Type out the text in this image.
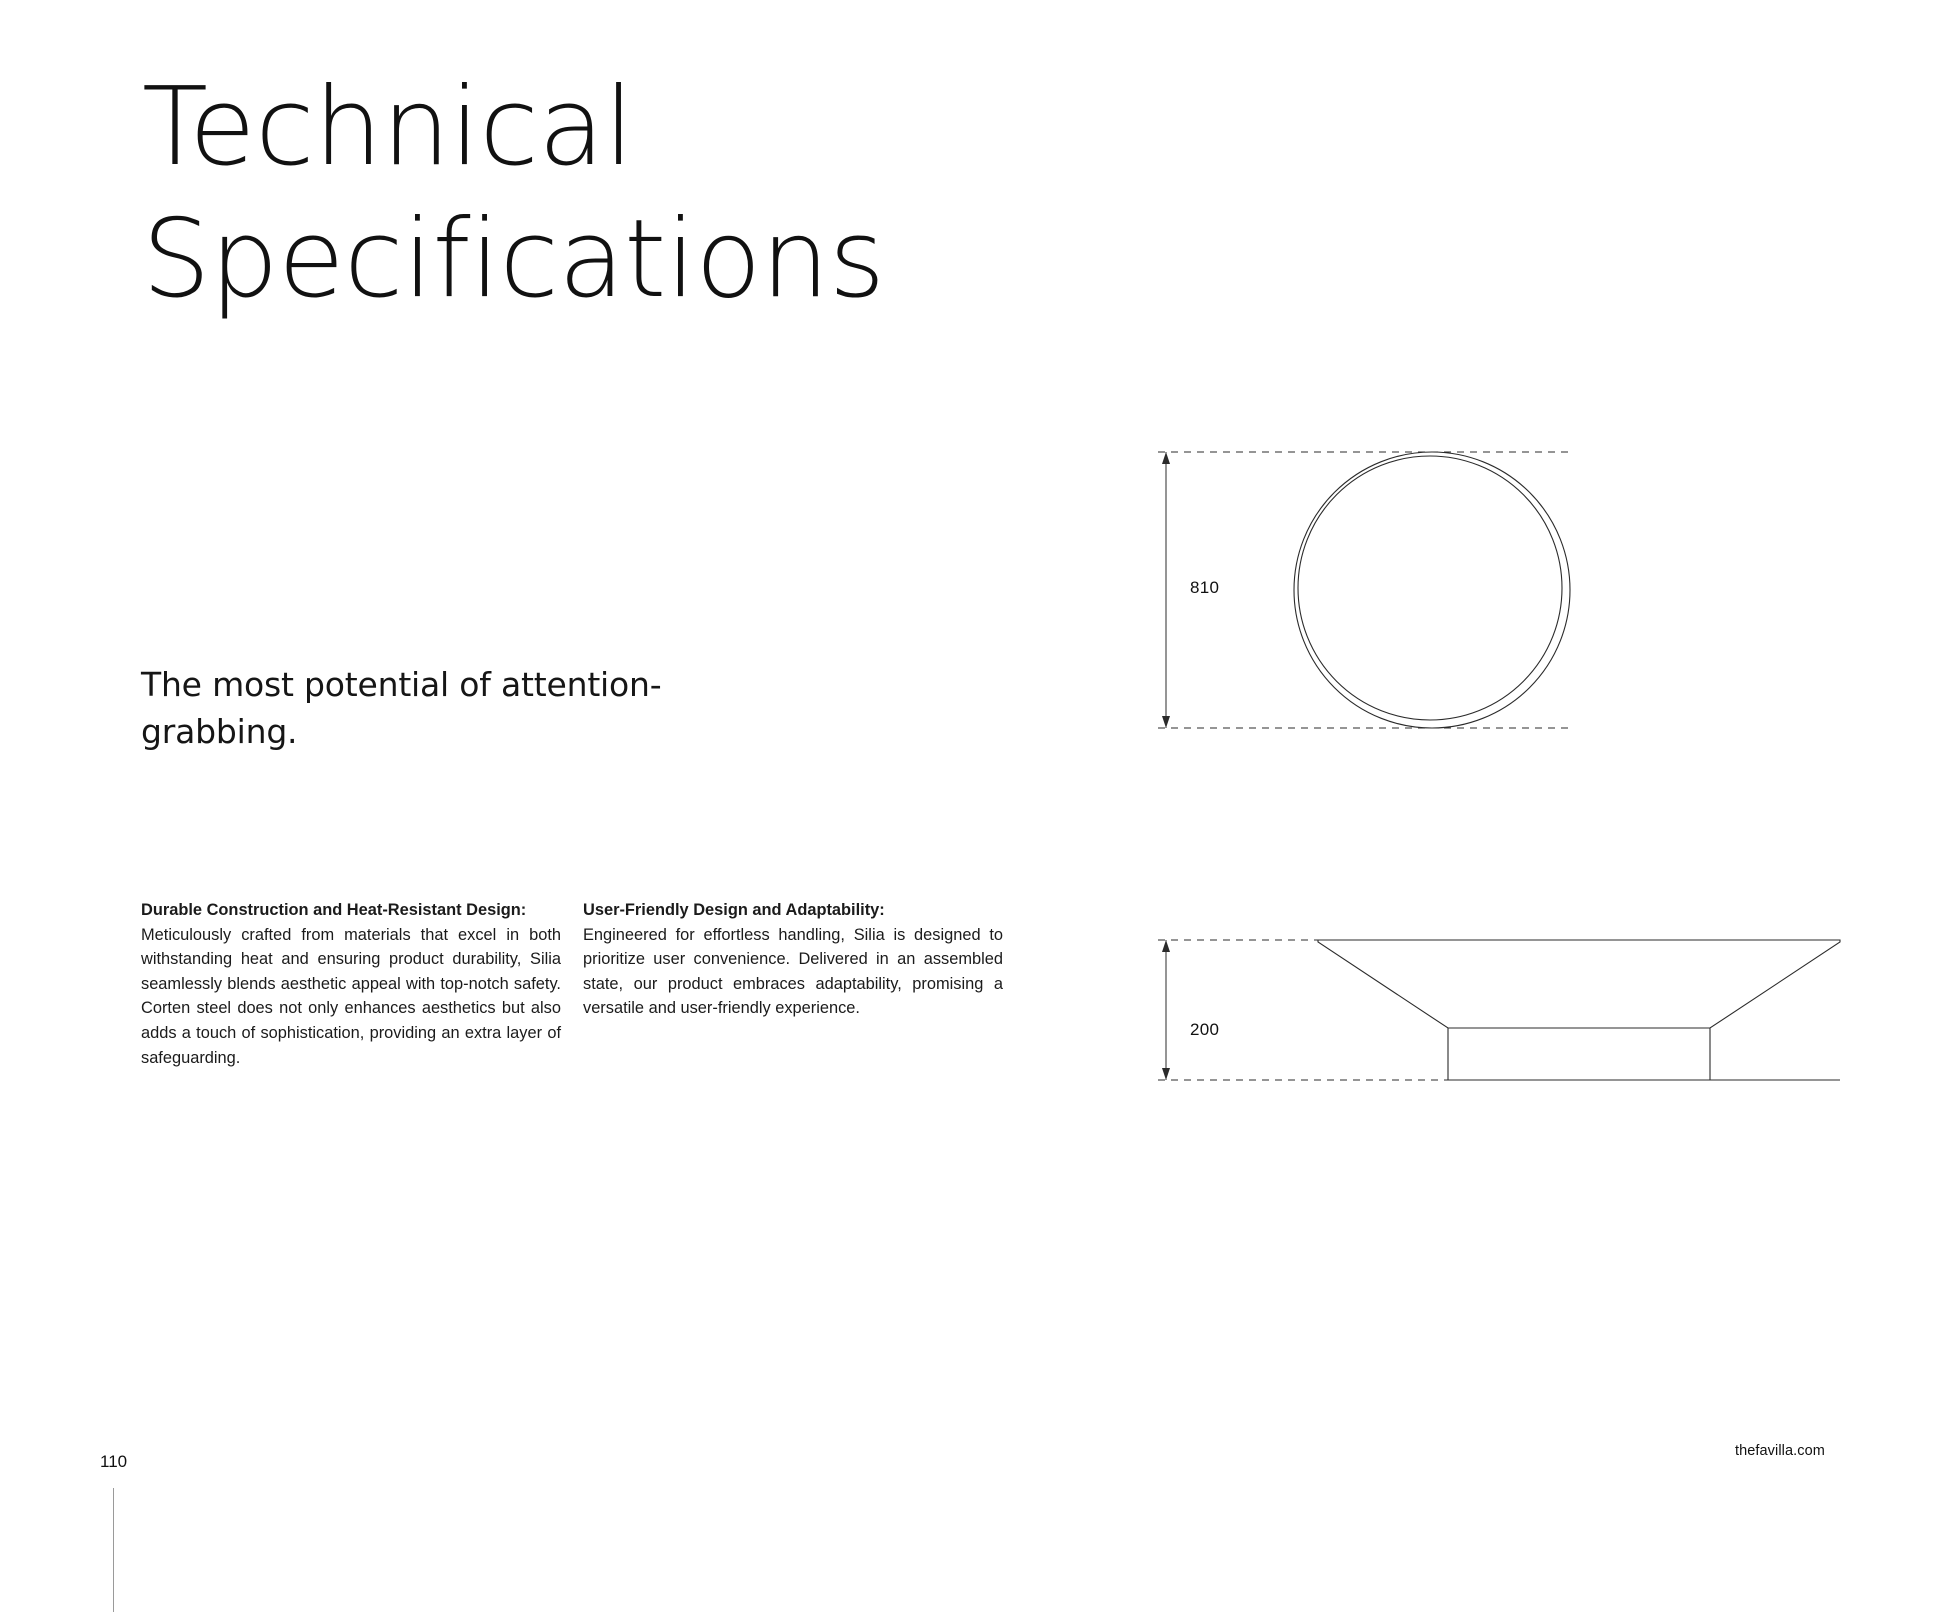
Technical
Specifications
The most potential of attention-grabbing.
Durable Construction and Heat-Resistant Design:
Meticulously crafted from materials that excel in both withstanding heat and ensuring product durability, Silia seamlessly blends aesthetic appeal with top-notch safety. Corten steel does not only enhances aesthetics but also adds a touch of sophistication, providing an extra layer of safeguarding.
User-Friendly Design and Adaptability:
Engineered for effortless handling, Silia is designed to prioritize user convenience. Delivered in an assembled state, our product embraces adaptability, promising a versatile and user-friendly experience.
810
200
110
thefavilla.com
